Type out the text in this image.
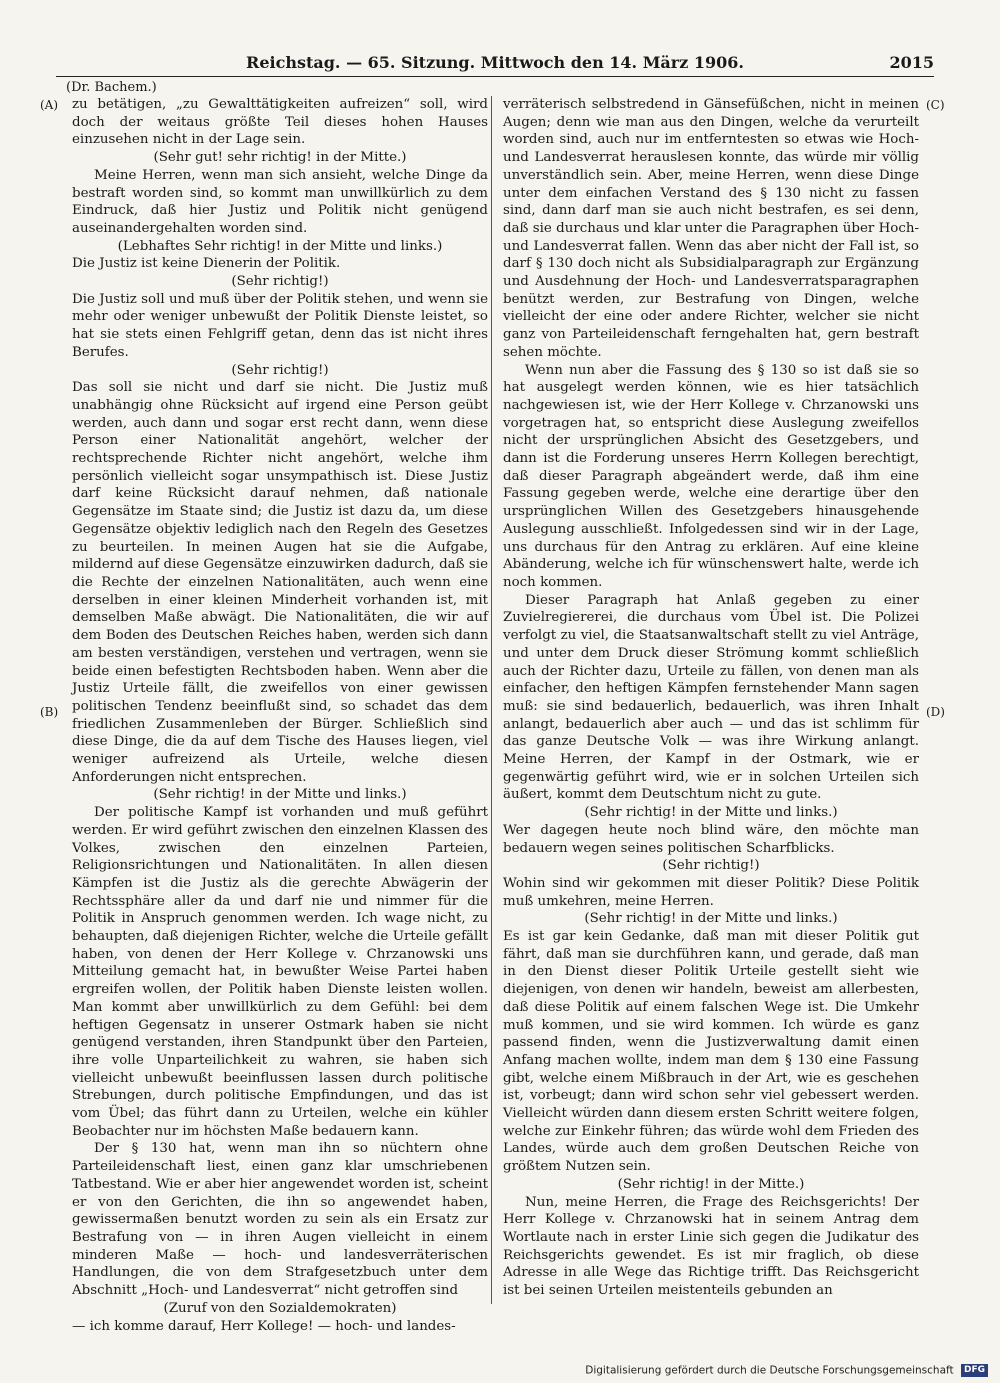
Reichstag. — 65. Sitzung. Mittwoch den 14. März 1906.	2015
(Dr. Bachem.)
(A)
(B)
(C)
(D)

zu betätigen, „zu Gewalttätigkeiten aufreizen“ soll, wird doch der weitaus größte Teil dieses hohen Hauses einzusehen nicht in der Lage sein.

(Sehr gut! sehr richtig! in der Mitte.)

Meine Herren, wenn man sich ansieht, welche Dinge da bestraft worden sind, so kommt man unwillkürlich zu dem Eindruck, daß hier Justiz und Politik nicht genügend auseinandergehalten worden sind.

(Lebhaftes Sehr richtig! in der Mitte und links.)

Die Justiz ist keine Dienerin der Politik.

(Sehr richtig!)

Die Justiz soll und muß über der Politik stehen, und wenn sie mehr oder weniger unbewußt der Politik Dienste leistet, so hat sie stets einen Fehlgriff getan, denn das ist nicht ihres Berufes.

(Sehr richtig!)

Das soll sie nicht und darf sie nicht. Die Justiz muß unabhängig ohne Rücksicht auf irgend eine Person geübt werden, auch dann und sogar erst recht dann, wenn diese Person einer Nationalität angehört, welcher der rechtsprechende Richter nicht angehört, welche ihm persönlich vielleicht sogar unsympathisch ist. Diese Justiz darf keine Rücksicht darauf nehmen, daß nationale Gegensätze im Staate sind; die Justiz ist dazu da, um diese Gegensätze objektiv lediglich nach den Regeln des Gesetzes zu beurteilen. In meinen Augen hat sie die Aufgabe, mildernd auf diese Gegensätze einzuwirken dadurch, daß sie die Rechte der einzelnen Nationalitäten, auch wenn eine derselben in einer kleinen Minderheit vorhanden ist, mit demselben Maße abwägt. Die Nationalitäten, die wir auf dem Boden des Deutschen Reiches haben, werden sich dann am besten verständigen, verstehen und vertragen, wenn sie beide einen befestigten Rechtsboden haben. Wenn aber die Justiz Urteile fällt, die zweifellos von einer gewissen politischen Tendenz beeinflußt sind, so schadet das dem friedlichen Zusammenleben der Bürger. Schließlich sind diese Dinge, die da auf dem Tische des Hauses liegen, viel weniger aufreizend als Urteile, welche diesen Anforderungen nicht entsprechen.

(Sehr richtig! in der Mitte und links.)

Der politische Kampf ist vorhanden und muß geführt werden. Er wird geführt zwischen den einzelnen Klassen des Volkes, zwischen den einzelnen Parteien, Religionsrichtungen und Nationalitäten. In allen diesen Kämpfen ist die Justiz als die gerechte Abwägerin der Rechtssphäre aller da und darf nie und nimmer für die Politik in Anspruch genommen werden. Ich wage nicht, zu behaupten, daß diejenigen Richter, welche die Urteile gefällt haben, von denen der Herr Kollege v. Chrzanowski uns Mitteilung gemacht hat, in bewußter Weise Partei haben ergreifen wollen, der Politik haben Dienste leisten wollen. Man kommt aber unwillkürlich zu dem Gefühl: bei dem heftigen Gegensatz in unserer Ostmark haben sie nicht genügend verstanden, ihren Standpunkt über den Parteien, ihre volle Unparteilichkeit zu wahren, sie haben sich vielleicht unbewußt beeinflussen lassen durch politische Strebungen, durch politische Empfindungen, und das ist vom Übel; das führt dann zu Urteilen, welche ein kühler Beobachter nur im höchsten Maße bedauern kann.

Der § 130 hat, wenn man ihn so nüchtern ohne Parteileidenschaft liest, einen ganz klar umschriebenen Tatbestand. Wie er aber hier angewendet worden ist, scheint er von den Gerichten, die ihn so angewendet haben, gewissermaßen benutzt worden zu sein als ein Ersatz zur Bestrafung von — in ihren Augen vielleicht in einem minderen Maße — hoch- und landesverräterischen Handlungen, die von dem Strafgesetzbuch unter dem Abschnitt „Hoch- und Landesverrat“ nicht getroffen sind

(Zuruf von den Sozialdemokraten)

— ich komme darauf, Herr Kollege! — hoch- und landes-

verräterisch selbstredend in Gänsefüßchen, nicht in meinen Augen; denn wie man aus den Dingen, welche da verurteilt worden sind, auch nur im entferntesten so etwas wie Hoch- und Landesverrat herauslesen konnte, das würde mir völlig unverständlich sein. Aber, meine Herren, wenn diese Dinge unter dem einfachen Verstand des § 130 nicht zu fassen sind, dann darf man sie auch nicht bestrafen, es sei denn, daß sie durchaus und klar unter die Paragraphen über Hoch- und Landesverrat fallen. Wenn das aber nicht der Fall ist, so darf § 130 doch nicht als Subsidialparagraph zur Ergänzung und Ausdehnung der Hoch- und Landesverratsparagraphen benützt werden, zur Bestrafung von Dingen, welche vielleicht der eine oder andere Richter, welcher sie nicht ganz von Parteileidenschaft ferngehalten hat, gern bestraft sehen möchte.

Wenn nun aber die Fassung des § 130 so ist daß sie so hat ausgelegt werden können, wie es hier tatsächlich nachgewiesen ist, wie der Herr Kollege v. Chrzanowski uns vorgetragen hat, so entspricht diese Auslegung zweifellos nicht der ursprünglichen Absicht des Gesetzgebers, und dann ist die Forderung unseres Herrn Kollegen berechtigt, daß dieser Paragraph abgeändert werde, daß ihm eine Fassung gegeben werde, welche eine derartige über den ursprünglichen Willen des Gesetzgebers hinausgehende Auslegung ausschließt. Infolgedessen sind wir in der Lage, uns durchaus für den Antrag zu erklären. Auf eine kleine Abänderung, welche ich für wünschenswert halte, werde ich noch kommen.

Dieser Paragraph hat Anlaß gegeben zu einer Zuvielregiererei, die durchaus vom Übel ist. Die Polizei verfolgt zu viel, die Staatsanwaltschaft stellt zu viel Anträge, und unter dem Druck dieser Strömung kommt schließlich auch der Richter dazu, Urteile zu fällen, von denen man als einfacher, den heftigen Kämpfen fernstehender Mann sagen muß: sie sind bedauerlich, bedauerlich, was ihren Inhalt anlangt, bedauerlich aber auch — und das ist schlimm für das ganze Deutsche Volk — was ihre Wirkung anlangt. Meine Herren, der Kampf in der Ostmark, wie er gegenwärtig geführt wird, wie er in solchen Urteilen sich äußert, kommt dem Deutschtum nicht zu gute.

(Sehr richtig! in der Mitte und links.)

Wer dagegen heute noch blind wäre, den möchte man bedauern wegen seines politischen Scharfblicks.

(Sehr richtig!)

Wohin sind wir gekommen mit dieser Politik? Diese Politik muß umkehren, meine Herren.

(Sehr richtig! in der Mitte und links.)

Es ist gar kein Gedanke, daß man mit dieser Politik gut fährt, daß man sie durchführen kann, und gerade, daß man in den Dienst dieser Politik Urteile gestellt sieht wie diejenigen, von denen wir handeln, beweist am allerbesten, daß diese Politik auf einem falschen Wege ist. Die Umkehr muß kommen, und sie wird kommen. Ich würde es ganz passend finden, wenn die Justizverwaltung damit einen Anfang machen wollte, indem man dem § 130 eine Fassung gibt, welche einem Mißbrauch in der Art, wie es geschehen ist, vorbeugt; dann wird schon sehr viel gebessert werden. Vielleicht würden dann diesem ersten Schritt weitere folgen, welche zur Einkehr führen; das würde wohl dem Frieden des Landes, würde auch dem großen Deutschen Reiche von größtem Nutzen sein.

(Sehr richtig! in der Mitte.)

Nun, meine Herren, die Frage des Reichsgerichts! Der Herr Kollege v. Chrzanowski hat in seinem Antrag dem Wortlaute nach in erster Linie sich gegen die Judikatur des Reichsgerichts gewendet. Es ist mir fraglich, ob diese Adresse in alle Wege das Richtige trifft. Das Reichsgericht ist bei seinen Urteilen meistenteils gebunden an

Digitalisierung gefördert durch die Deutsche Forschungsgemeinschaft DFG
